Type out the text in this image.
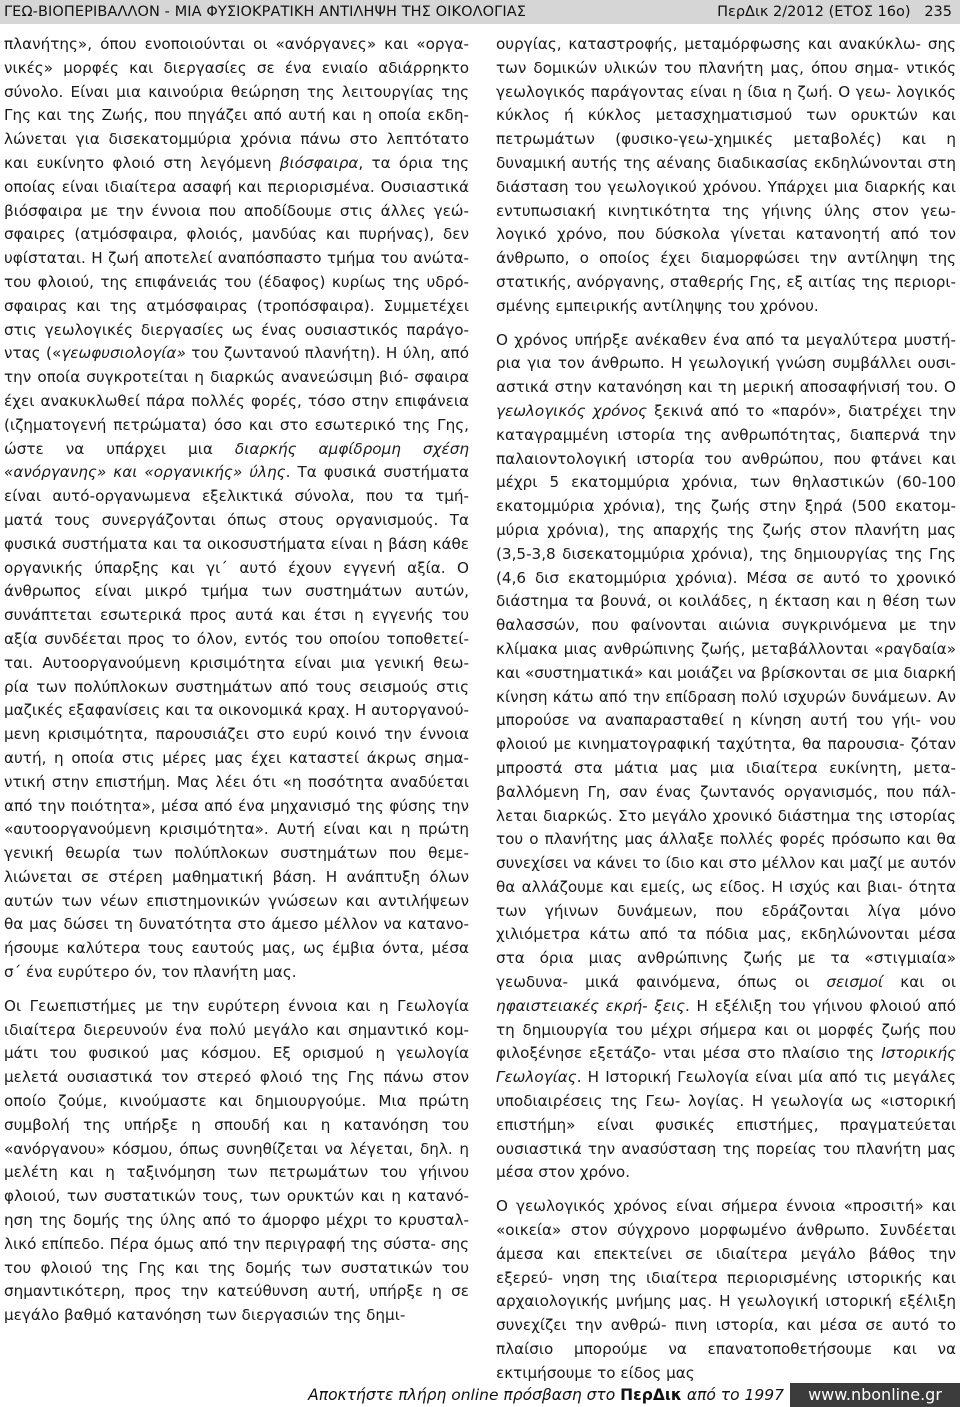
ΓΕΩ-ΒΙΟΠΕΡΙΒΑΛΛΟΝ - ΜΙΑ ΦΥΣΙΟΚΡΑΤΙΚΗ ΑΝΤΙΛΗΨΗ ΤΗΣ ΟΙΚΟΛΟΓΙΑΣ	ΠερΔικ 2/2012 (ΕΤΟΣ 16ο) 235

πλανήτης», όπου ενοποιούνται οι «ανόργανες» και «οργα- νικές» μορφές και διεργασίες σε ένα ενιαίο αδιάρρηκτο σύνολο. Είναι μια καινούρια θεώρηση της λειτουργίας της Γης και της Ζωής, που πηγάζει από αυτή και η οποία εκδη- λώνεται για δισεκατομμύρια χρόνια πάνω στο λεπτότατο και ευκίνητο φλοιό στη λεγόμενη βιόσφαιρα, τα όρια της οποίας είναι ιδιαίτερα ασαφή και περιορισμένα. Ουσιαστικά βιόσφαιρα με την έννοια που αποδίδουμε στις άλλες γεώ- σφαιρες (ατμόσφαιρα, φλοιός, μανδύας και πυρήνας), δεν υφίσταται. Η ζωή αποτελεί αναπόσπαστο τμήμα του ανώτα- του φλοιού, της επιφάνειάς του (έδαφος) κυρίως της υδρό- σφαιρας και της ατμόσφαιρας (τροπόσφαιρα). Συμμετέχει στις γεωλογικές διεργασίες ως ένας ουσιαστικός παράγο- ντας («γεωφυσιολογία» του ζωντανού πλανήτη). Η ύλη, από την οποία συγκροτείται η διαρκώς ανανεώσιμη βιό- σφαιρα έχει ανακυκλωθεί πάρα πολλές φορές, τόσο στην επιφάνεια (ιζηματογενή πετρώματα) όσο και στο εσωτερικό της Γης, ώστε να υπάρχει μια διαρκής αμφίδρομη σχέση «ανόργανης» και «οργανικής» ύλης. Τα φυσικά συστήματα είναι αυτό-οργανωμενα εξελικτικά σύνολα, που τα τμή- ματά τους συνεργάζονται όπως στους οργανισμούς. Τα φυσικά συστήματα και τα οικοσυστήματα είναι η βάση κάθε οργανικής ύπαρξης και γι΄ αυτό έχουν εγγενή αξία. Ο άνθρωπος είναι μικρό τμήμα των συστημάτων αυτών, συνάπτεται εσωτερικά προς αυτά και έτσι η εγγενής του αξία συνδέεται προς το όλον, εντός του οποίου τοποθετεί- ται. Αυτοοργανούμενη κρισιμότητα είναι μια γενική θεω- ρία των πολύπλοκων συστημάτων από τους σεισμούς στις μαζικές εξαφανίσεις και τα οικονομικά κραχ. Η αυτοργανού- μενη κρισιμότητα, παρουσιάζει στο ευρύ κοινό την έννοια αυτή, η οποία στις μέρες μας έχει καταστεί άκρως σημα- ντική στην επιστήμη. Μας λέει ότι «η ποσότητα αναδύεται από την ποιότητα», μέσα από ένα μηχανισμό της φύσης την «αυτοοργανούμενη κρισιμότητα». Αυτή είναι και η πρώτη γενική θεωρία των πολύπλοκων συστημάτων που θεμε- λιώνεται σε στέρεη μαθηματική βάση. Η ανάπτυξη όλων αυτών των νέων επιστημονικών γνώσεων και αντιλήψεων θα μας δώσει τη δυνατότητα στο άμεσο μέλλον να κατανο- ήσουμε καλύτερα τους εαυτούς μας, ως έμβια όντα, μέσα σ΄ ένα ευρύτερο όν, τον πλανήτη μας.

Οι Γεωεπιστήμες με την ευρύτερη έννοια και η Γεωλογία ιδιαίτερα διερευνούν ένα πολύ μεγάλο και σημαντικό κομ- μάτι του φυσικού μας κόσμου. Εξ ορισμού η γεωλογία μελετά ουσιαστικά τον στερεό φλοιό της Γης πάνω στον οποίο ζούμε, κινούμαστε και δημιουργούμε. Μια πρώτη συμβολή της υπήρξε η σπουδή και η κατανόηση του «ανόργανου» κόσμου, όπως συνηθίζεται να λέγεται, δηλ. η μελέτη και η ταξινόμηση των πετρωμάτων του γήινου φλοιού, των συστατικών τους, των ορυκτών και η κατανό- ηση της δομής της ύλης από το άμορφο μέχρι το κρυσταλ- λικό επίπεδο. Πέρα όμως από την περιγραφή της σύστα- σης του φλοιού της Γης και της δομής των συστατικών του σημαντικότερη, προς την κατεύθυνση αυτή, υπήρξε η σε μεγάλο βαθμό κατανόηση των διεργασιών της δημι-

ουργίας, καταστροφής, μεταμόρφωσης και ανακύκλω- σης των δομικών υλικών του πλανήτη μας, όπου σημα- ντικός γεωλογικός παράγοντας είναι η ίδια η ζωή. Ο γεω- λογικός κύκλος ή κύκλος μετασχηματισμού των ορυκτών και πετρωμάτων (φυσικο-γεω-χημικές μεταβολές) και η δυναμική αυτής της αέναης διαδικασίας εκδηλώνονται στη διάσταση του γεωλογικού χρόνου. Υπάρχει μια διαρκής και εντυπωσιακή κινητικότητα της γήινης ύλης στον γεω- λογικό χρόνο, που δύσκολα γίνεται κατανοητή από τον άνθρωπο, ο οποίος έχει διαμορφώσει την αντίληψη της στατικής, ανόργανης, σταθερής Γης, εξ αιτίας της περιορι- σμένης εμπειρικής αντίληψης του χρόνου.

Ο χρόνος υπήρξε ανέκαθεν ένα από τα μεγαλύτερα μυστή- ρια για τον άνθρωπο. Η γεωλογική γνώση συμβάλλει ουσι- αστικά στην κατανόηση και τη μερική αποσαφήνισή του. Ο γεωλογικός χρόνος ξεκινά από το «παρόν», διατρέχει την καταγραμμένη ιστορία της ανθρωπότητας, διαπερνά την παλαιοντολογική ιστορία του ανθρώπου, που φτάνει και μέχρι 5 εκατομμύρια χρόνια, των θηλαστικών (60-100 εκατομμύρια χρόνια), της ζωής στην ξηρά (500 εκατομ- μύρια χρόνια), της απαρχής της ζωής στον πλανήτη μας (3,5-3,8 δισεκατομμύρια χρόνια), της δημιουργίας της Γης (4,6 δισ εκατομμύρια χρόνια). Μέσα σε αυτό το χρονικό διάστημα τα βουνά, οι κοιλάδες, η έκταση και η θέση των θαλασσών, που φαίνονται αιώνια συγκρινόμενα με την κλίμακα μιας ανθρώπινης ζωής, μεταβάλλονται «ραγδαία» και «συστηματικά» και μοιάζει να βρίσκονται σε μια διαρκή κίνηση κάτω από την επίδραση πολύ ισχυρών δυνάμεων. Αν μπορούσε να αναπαρασταθεί η κίνηση αυτή του γήι- νου φλοιού με κινηματογραφική ταχύτητα, θα παρουσια- ζόταν μπροστά στα μάτια μας μια ιδιαίτερα ευκίνητη, μετα- βαλλόμενη Γη, σαν ένας ζωντανός οργανισμός, που πάλ- λεται διαρκώς. Στο μεγάλο χρονικό διάστημα της ιστορίας του ο πλανήτης μας άλλαξε πολλές φορές πρόσωπο και θα συνεχίσει να κάνει το ίδιο και στο μέλλον και μαζί με αυτόν θα αλλάζουμε και εμείς, ως είδος. Η ισχύς και βιαι- ότητα των γήινων δυνάμεων, που εδράζονται λίγα μόνο χιλιόμετρα κάτω από τα πόδια μας, εκδηλώνονται μέσα στα όρια μιας ανθρώπινης ζωής με τα «στιγμιαία» γεωδυνα- μικά φαινόμενα, όπως οι σεισμοί και οι ηφαιστειακές εκρή- ξεις. Η εξέλιξη του γήινου φλοιού από τη δημιουργία του μέχρι σήμερα και οι μορφές ζωής που φιλοξένησε εξετάζο- νται μέσα στο πλαίσιο της Ιστορικής Γεωλογίας. Η Ιστορική Γεωλογία είναι μία από τις μεγάλες υποδιαιρέσεις της Γεω- λογίας. Η γεωλογία ως «ιστορική επιστήμη» είναι φυσικές επιστήμες, πραγματεύεται ουσιαστικά την ανασύσταση της πορείας του πλανήτη μας μέσα στον χρόνο.

Ο γεωλογικός χρόνος είναι σήμερα έννοια «προσιτή» και «οικεία» στον σύγχρονο μορφωμένο άνθρωπο. Συνδέεται άμεσα και επεκτείνει σε ιδιαίτερα μεγάλο βάθος την εξερεύ- νηση της ιδιαίτερα περιορισμένης ιστορικής και αρχαιολογικής μνήμης μας. Η γεωλογική ιστορική εξέλιξη συνεχίζει την ανθρώ- πινη ιστορία, και μέσα σε αυτό το πλαίσιο μπορούμε να επανατοποθετήσουμε και να εκτιμήσουμε το είδος μας

Αποκτήστε πλήρη online πρόσβαση στο ΠερΔικ από το 1997	www.nbonline.gr
